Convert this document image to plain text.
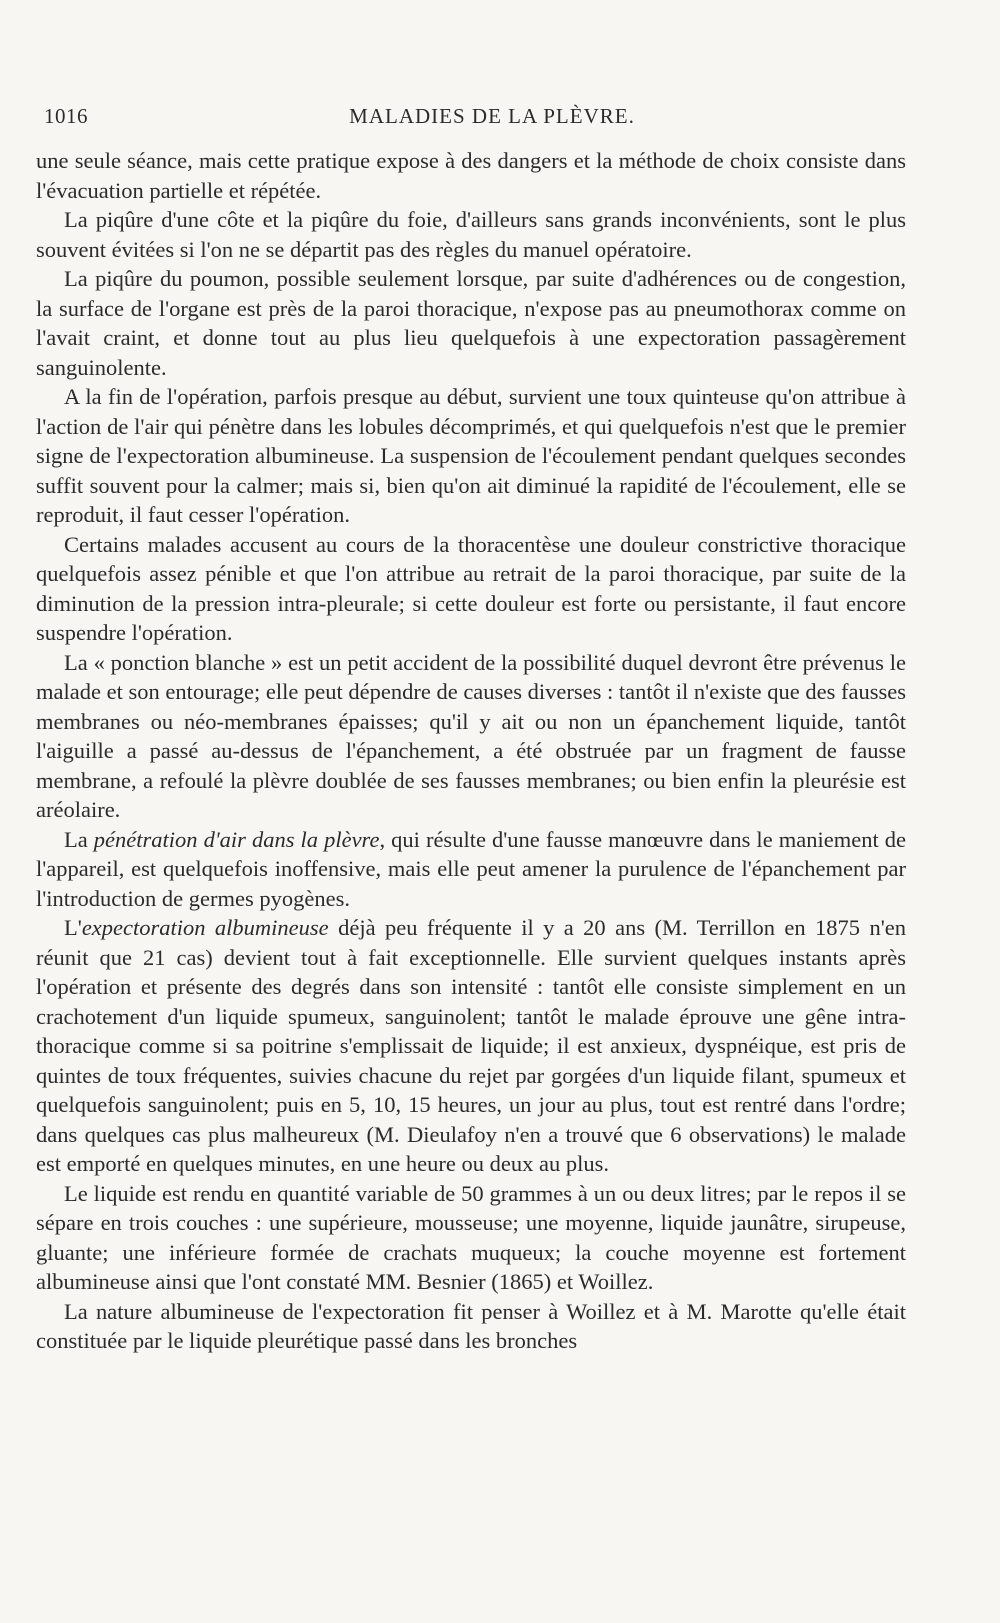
1016	MALADIES DE LA PLÈVRE.

une seule séance, mais cette pratique expose à des dangers et la méthode de choix consiste dans l'évacuation partielle et répétée.

La piqûre d'une côte et la piqûre du foie, d'ailleurs sans grands inconvénients, sont le plus souvent évitées si l'on ne se départit pas des règles du manuel opératoire.

La piqûre du poumon, possible seulement lorsque, par suite d'adhérences ou de congestion, la surface de l'organe est près de la paroi thoracique, n'expose pas au pneumothorax comme on l'avait craint, et donne tout au plus lieu quelquefois à une expectoration passagèrement sanguinolente.

A la fin de l'opération, parfois presque au début, survient une toux quinteuse qu'on attribue à l'action de l'air qui pénètre dans les lobules décomprimés, et qui quelquefois n'est que le premier signe de l'expectoration albumineuse. La suspension de l'écoulement pendant quelques secondes suffit souvent pour la calmer; mais si, bien qu'on ait diminué la rapidité de l'écoulement, elle se reproduit, il faut cesser l'opération.

Certains malades accusent au cours de la thoracentèse une douleur constrictive thoracique quelquefois assez pénible et que l'on attribue au retrait de la paroi thoracique, par suite de la diminution de la pression intra-pleurale; si cette douleur est forte ou persistante, il faut encore suspendre l'opération.

La « ponction blanche » est un petit accident de la possibilité duquel devront être prévenus le malade et son entourage; elle peut dépendre de causes diverses : tantôt il n'existe que des fausses membranes ou néo-membranes épaisses; qu'il y ait ou non un épanchement liquide, tantôt l'aiguille a passé au-dessus de l'épanchement, a été obstruée par un fragment de fausse membrane, a refoulé la plèvre doublée de ses fausses membranes; ou bien enfin la pleurésie est aréolaire.

La pénétration d'air dans la plèvre, qui résulte d'une fausse manœuvre dans le maniement de l'appareil, est quelquefois inoffensive, mais elle peut amener la purulence de l'épanchement par l'introduction de germes pyogènes.

L'expectoration albumineuse déjà peu fréquente il y a 20 ans (M. Terrillon en 1875 n'en réunit que 21 cas) devient tout à fait exceptionnelle. Elle survient quelques instants après l'opération et présente des degrés dans son intensité : tantôt elle consiste simplement en un crachotement d'un liquide spumeux, sanguinolent; tantôt le malade éprouve une gêne intra-thoracique comme si sa poitrine s'emplissait de liquide; il est anxieux, dyspnéique, est pris de quintes de toux fréquentes, suivies chacune du rejet par gorgées d'un liquide filant, spumeux et quelquefois sanguinolent; puis en 5, 10, 15 heures, un jour au plus, tout est rentré dans l'ordre; dans quelques cas plus malheureux (M. Dieulafoy n'en a trouvé que 6 observations) le malade est emporté en quelques minutes, en une heure ou deux au plus.

Le liquide est rendu en quantité variable de 50 grammes à un ou deux litres; par le repos il se sépare en trois couches : une supérieure, mousseuse; une moyenne, liquide jaunâtre, sirupeuse, gluante; une inférieure formée de crachats muqueux; la couche moyenne est fortement albumineuse ainsi que l'ont constaté MM. Besnier (1865) et Woillez.

La nature albumineuse de l'expectoration fit penser à Woillez et à M. Marotte qu'elle était constituée par le liquide pleurétique passé dans les bronches
